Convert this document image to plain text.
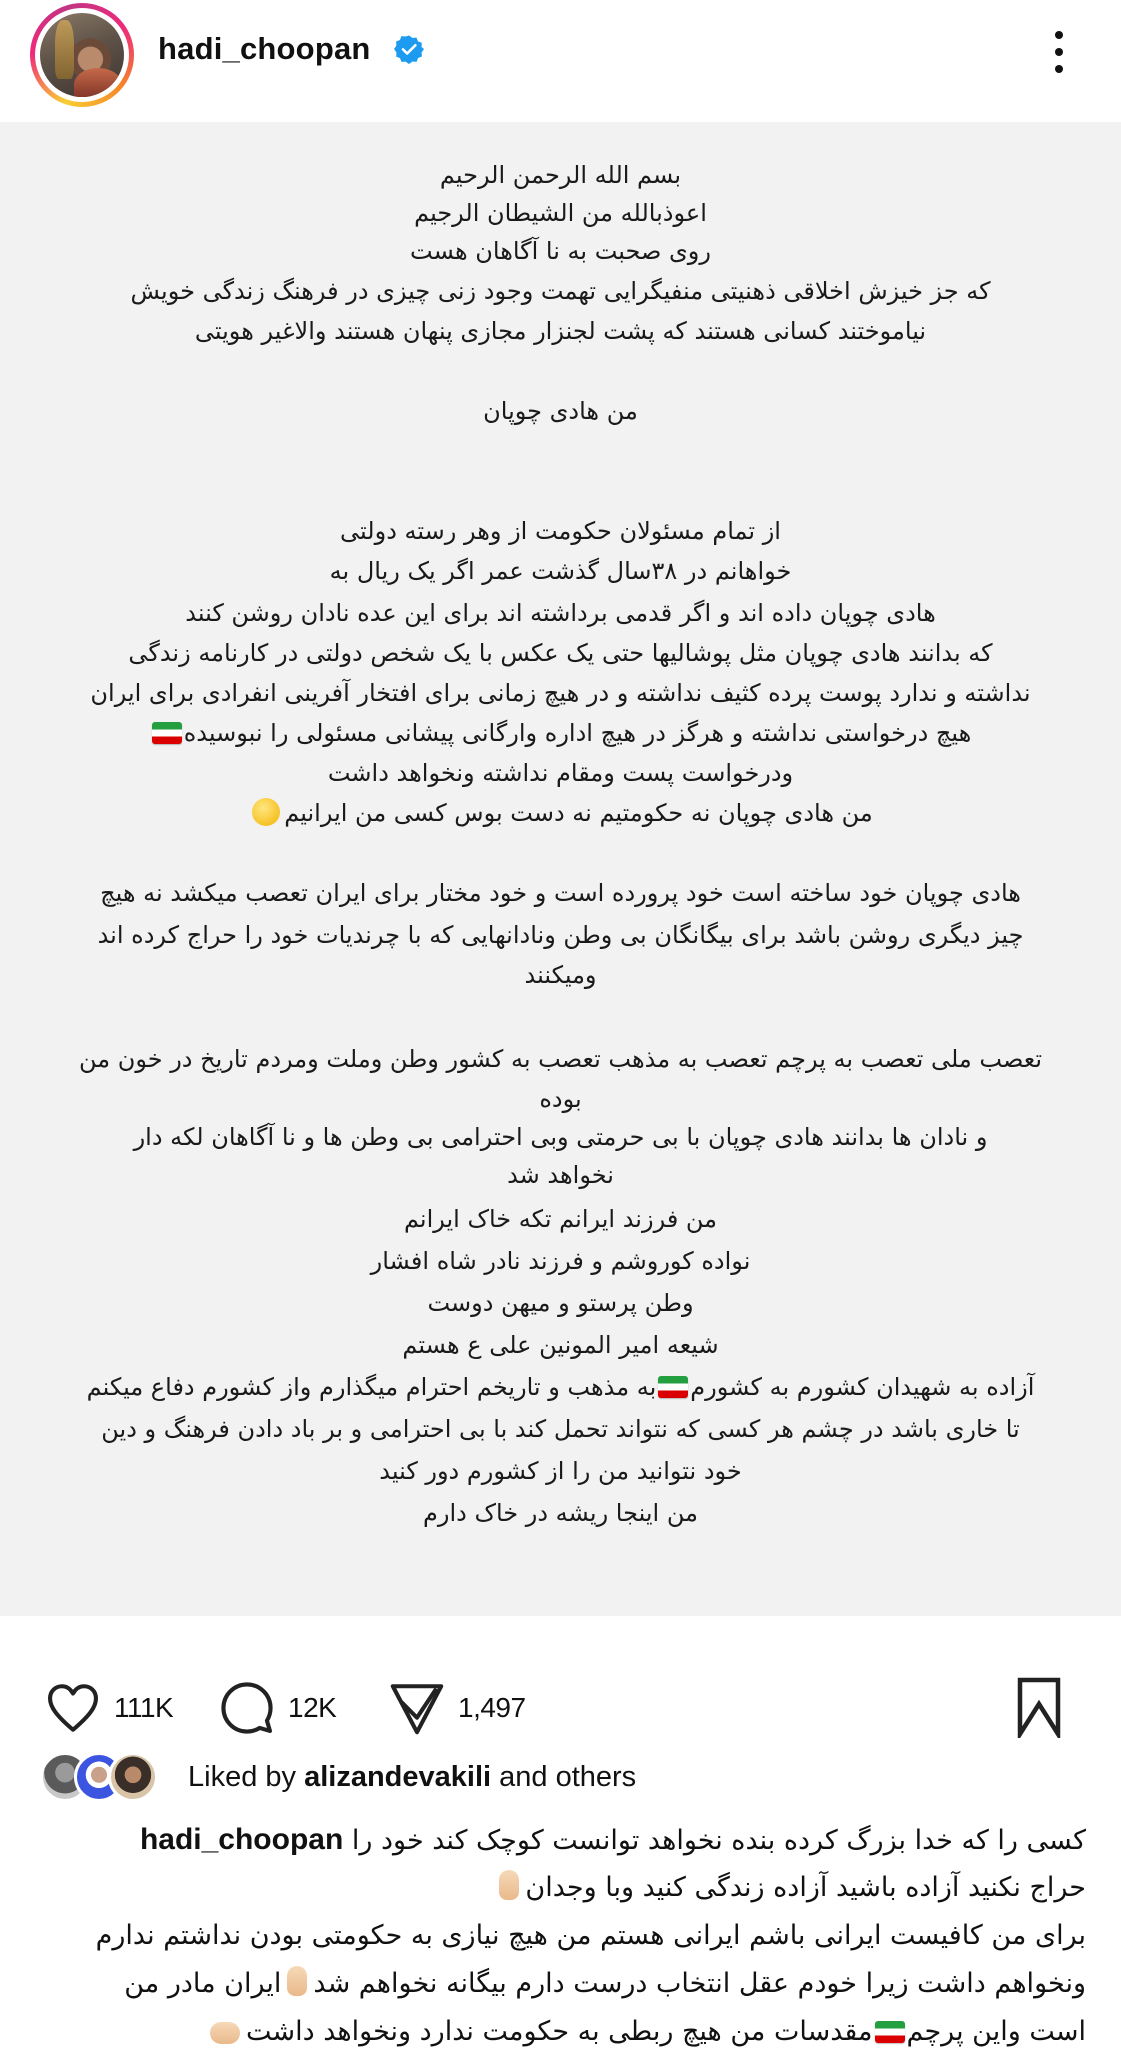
hadi_choopan
بسم الله الرحمن الرحیم
اعوذبالله من الشیطان الرجیم
روی صحبت به نا آگاهان هست
که جز خیزش اخلاقی ذهنیتی منفیگرایی تهمت وجود زنی چیزی در فرهنگ زندگی خویش
نیاموختند کسانی هستند که پشت لجنزار مجازی پنهان هستند والاغیر هویتی
من هادی چوپان
از تمام مسئولان حکومت از وهر رسته دولتی
خواهانم در ۳۸سال گذشت عمر اگر یک ریال به
هادی چوپان داده اند و اگر قدمی برداشته اند برای این عده نادان روشن کنند
که بدانند هادی چوپان مثل پوشالیها حتی یک عکس با یک شخص دولتی در کارنامه زندگی
نداشته و ندارد پوست پرده کثیف نداشته و در هیچ زمانی برای افتخار آفرینی انفرادی برای ایران
هیچ درخواستی نداشته و هرگز در هیچ اداره وارگانی پیشانی مسئولی را نبوسیده
ودرخواست پست ومقام نداشته ونخواهد داشت
من هادی چوپان نه حکومتیم نه دست بوس کسی من ایرانیم
هادی چوپان خود ساخته است خود پرورده است و خود مختار برای ایران تعصب میکشد نه هیچ
چیز دیگری روشن باشد برای بیگانگان بی وطن ونادانهایی که با چرندیات خود را حراج کرده اند
ومیکنند
تعصب ملی تعصب به پرچم تعصب به مذهب تعصب به کشور وطن وملت ومردم تاریخ در خون من
بوده
و نادان ها بدانند هادی چوپان با بی حرمتی وبی احترامی بی وطن ها و نا آگاهان لکه دار
نخواهد شد
من فرزند ایرانم تکه خاک ایرانم
نواده کوروشم و فرزند نادر شاه افشار
وطن پرستو و میهن دوست
شیعه امیر المونین علی ع هستم
آزاده به شهیدان کشورم به کشورمبه مذهب و تاریخم احترام میگذارم واز کشورم دفاع میکنم
تا خاری باشد در چشم هر کسی که نتواند تحمل کند با بی احترامی و بر باد دادن فرهنگ و دین
خود نتوانید من را از کشورم دور کنید
من اینجا ریشه در خاک دارم
111K	12K	1,497
Liked by alizandevakili and others
کسی را که خدا بزرگ کرده بنده نخواهد توانست کوچک کند خود را hadi_choopan
حراج نکنید آزاده باشید آزاده زندگی کنید وبا وجدان
برای من کافیست ایرانی باشم ایرانی هستم من هیچ نیازی به حکومتی بودن نداشتم ندارم
ونخواهم داشت زیرا خودم عقل انتخاب درست دارم بیگانه نخواهم شدایران مادر من
است واین پرچممقدسات من هیچ ربطی به حکومت ندارد ونخواهد داشت
